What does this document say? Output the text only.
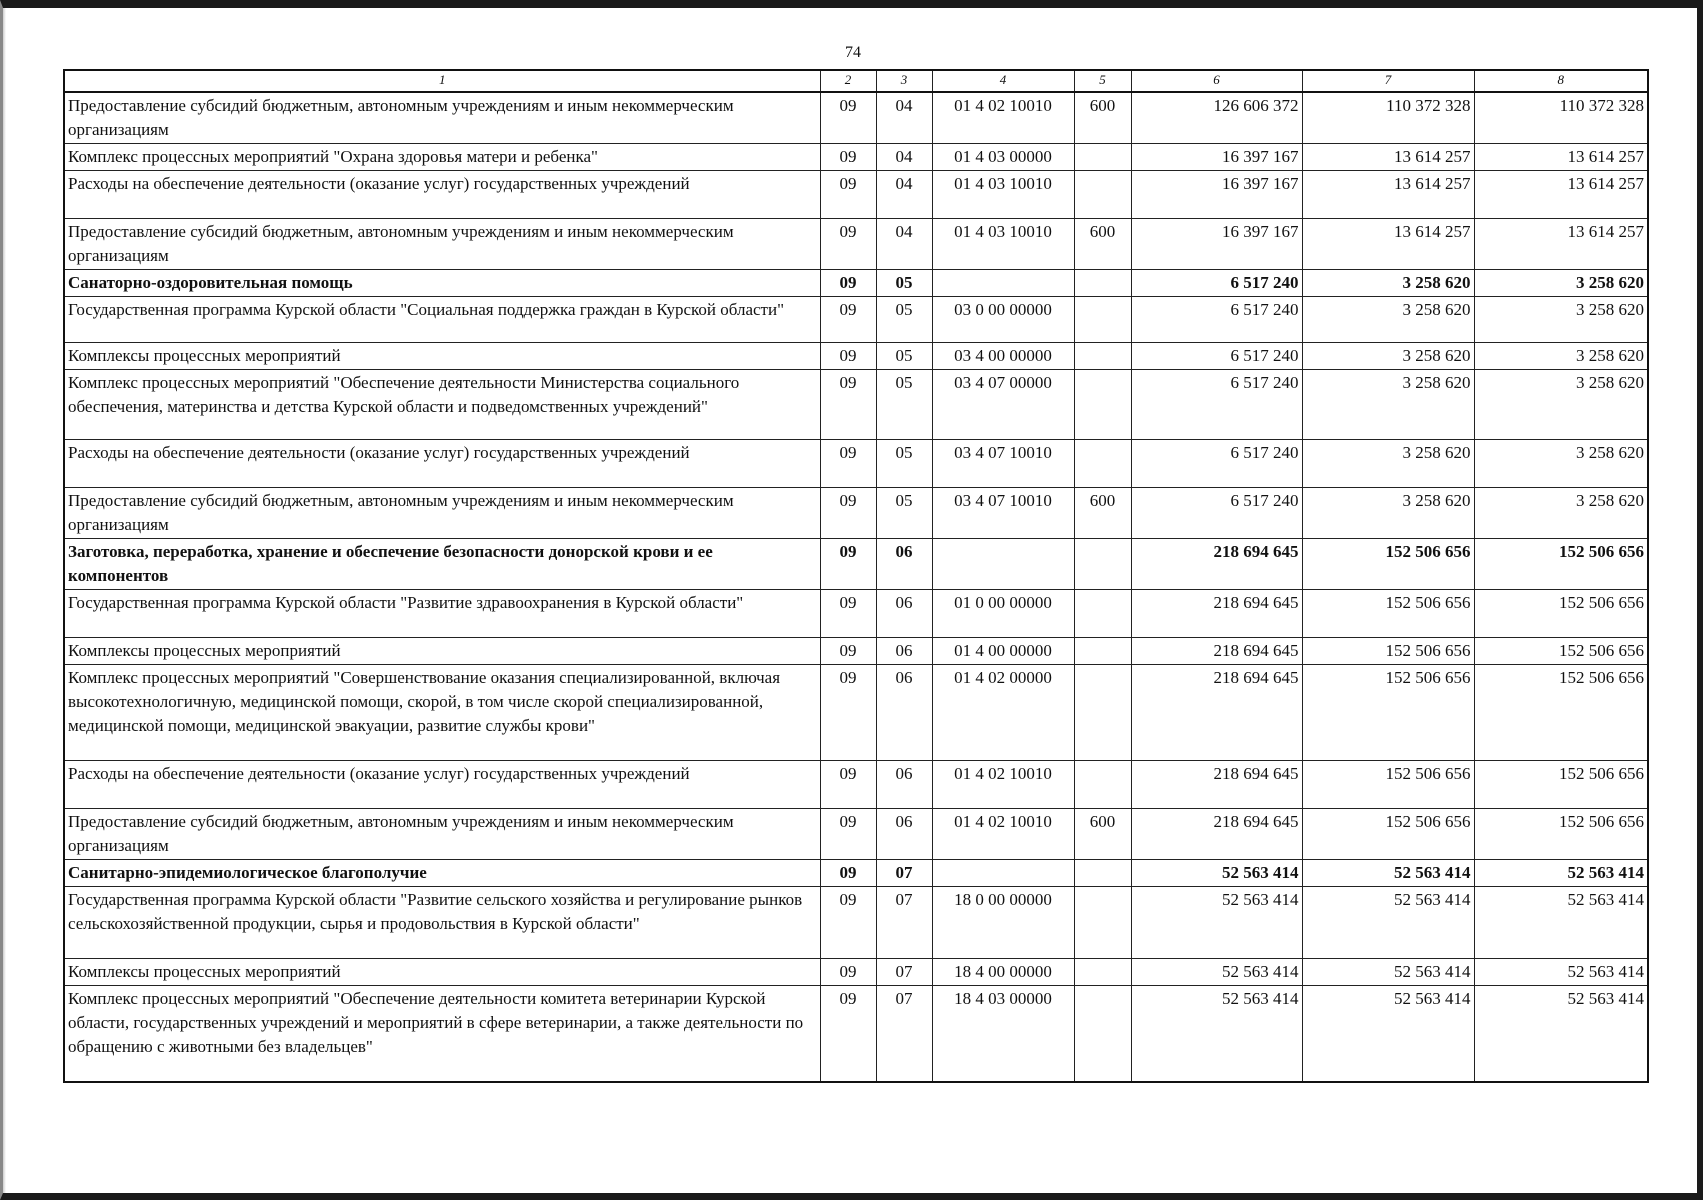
74
1	2	3	4	5	6	7	8
Предоставление субсидий бюджетным, автономным учреждениям и иным некоммерческим организациям	09	04	01 4 02 10010	600	126 606 372	110 372 328	110 372 328
Комплекс процессных мероприятий "Охрана здоровья матери и ребенка"	09	04	01 4 03 00000		16 397 167	13 614 257	13 614 257
Расходы на обеспечение деятельности (оказание услуг) государственных учреждений	09	04	01 4 03 10010		16 397 167	13 614 257	13 614 257
Предоставление субсидий бюджетным, автономным учреждениям и иным некоммерческим организациям	09	04	01 4 03 10010	600	16 397 167	13 614 257	13 614 257
Санаторно-оздоровительная помощь	09	05			6 517 240	3 258 620	3 258 620
Государственная программа Курской области "Социальная поддержка граждан в Курской области"	09	05	03 0 00 00000		6 517 240	3 258 620	3 258 620
Комплексы процессных мероприятий	09	05	03 4 00 00000		6 517 240	3 258 620	3 258 620
Комплекс процессных мероприятий "Обеспечение деятельности Министерства социального обеспечения, материнства и детства Курской области и подведомственных учреждений"	09	05	03 4 07 00000		6 517 240	3 258 620	3 258 620
Расходы на обеспечение деятельности (оказание услуг) государственных учреждений	09	05	03 4 07 10010		6 517 240	3 258 620	3 258 620
Предоставление субсидий бюджетным, автономным учреждениям и иным некоммерческим организациям	09	05	03 4 07 10010	600	6 517 240	3 258 620	3 258 620
Заготовка, переработка, хранение и обеспечение безопасности донорской крови и ее компонентов	09	06			218 694 645	152 506 656	152 506 656
Государственная программа Курской области "Развитие здравоохранения в Курской области"	09	06	01 0 00 00000		218 694 645	152 506 656	152 506 656
Комплексы процессных мероприятий	09	06	01 4 00 00000		218 694 645	152 506 656	152 506 656
Комплекс процессных мероприятий "Совершенствование оказания специализированной, включая высокотехнологичную, медицинской помощи, скорой, в том числе скорой специализированной, медицинской помощи, медицинской эвакуации, развитие службы крови"	09	06	01 4 02 00000		218 694 645	152 506 656	152 506 656
Расходы на обеспечение деятельности (оказание услуг) государственных учреждений	09	06	01 4 02 10010		218 694 645	152 506 656	152 506 656
Предоставление субсидий бюджетным, автономным учреждениям и иным некоммерческим организациям	09	06	01 4 02 10010	600	218 694 645	152 506 656	152 506 656
Санитарно-эпидемиологическое благополучие	09	07			52 563 414	52 563 414	52 563 414
Государственная программа Курской области "Развитие сельского хозяйства и регулирование рынков сельскохозяйственной продукции, сырья и продовольствия в Курской области"	09	07	18 0 00 00000		52 563 414	52 563 414	52 563 414
Комплексы процессных мероприятий	09	07	18 4 00 00000		52 563 414	52 563 414	52 563 414
Комплекс процессных мероприятий "Обеспечение деятельности комитета ветеринарии Курской области, государственных учреждений и мероприятий в сфере ветеринарии, а также деятельности по обращению с животными без владельцев"	09	07	18 4 03 00000		52 563 414	52 563 414	52 563 414
